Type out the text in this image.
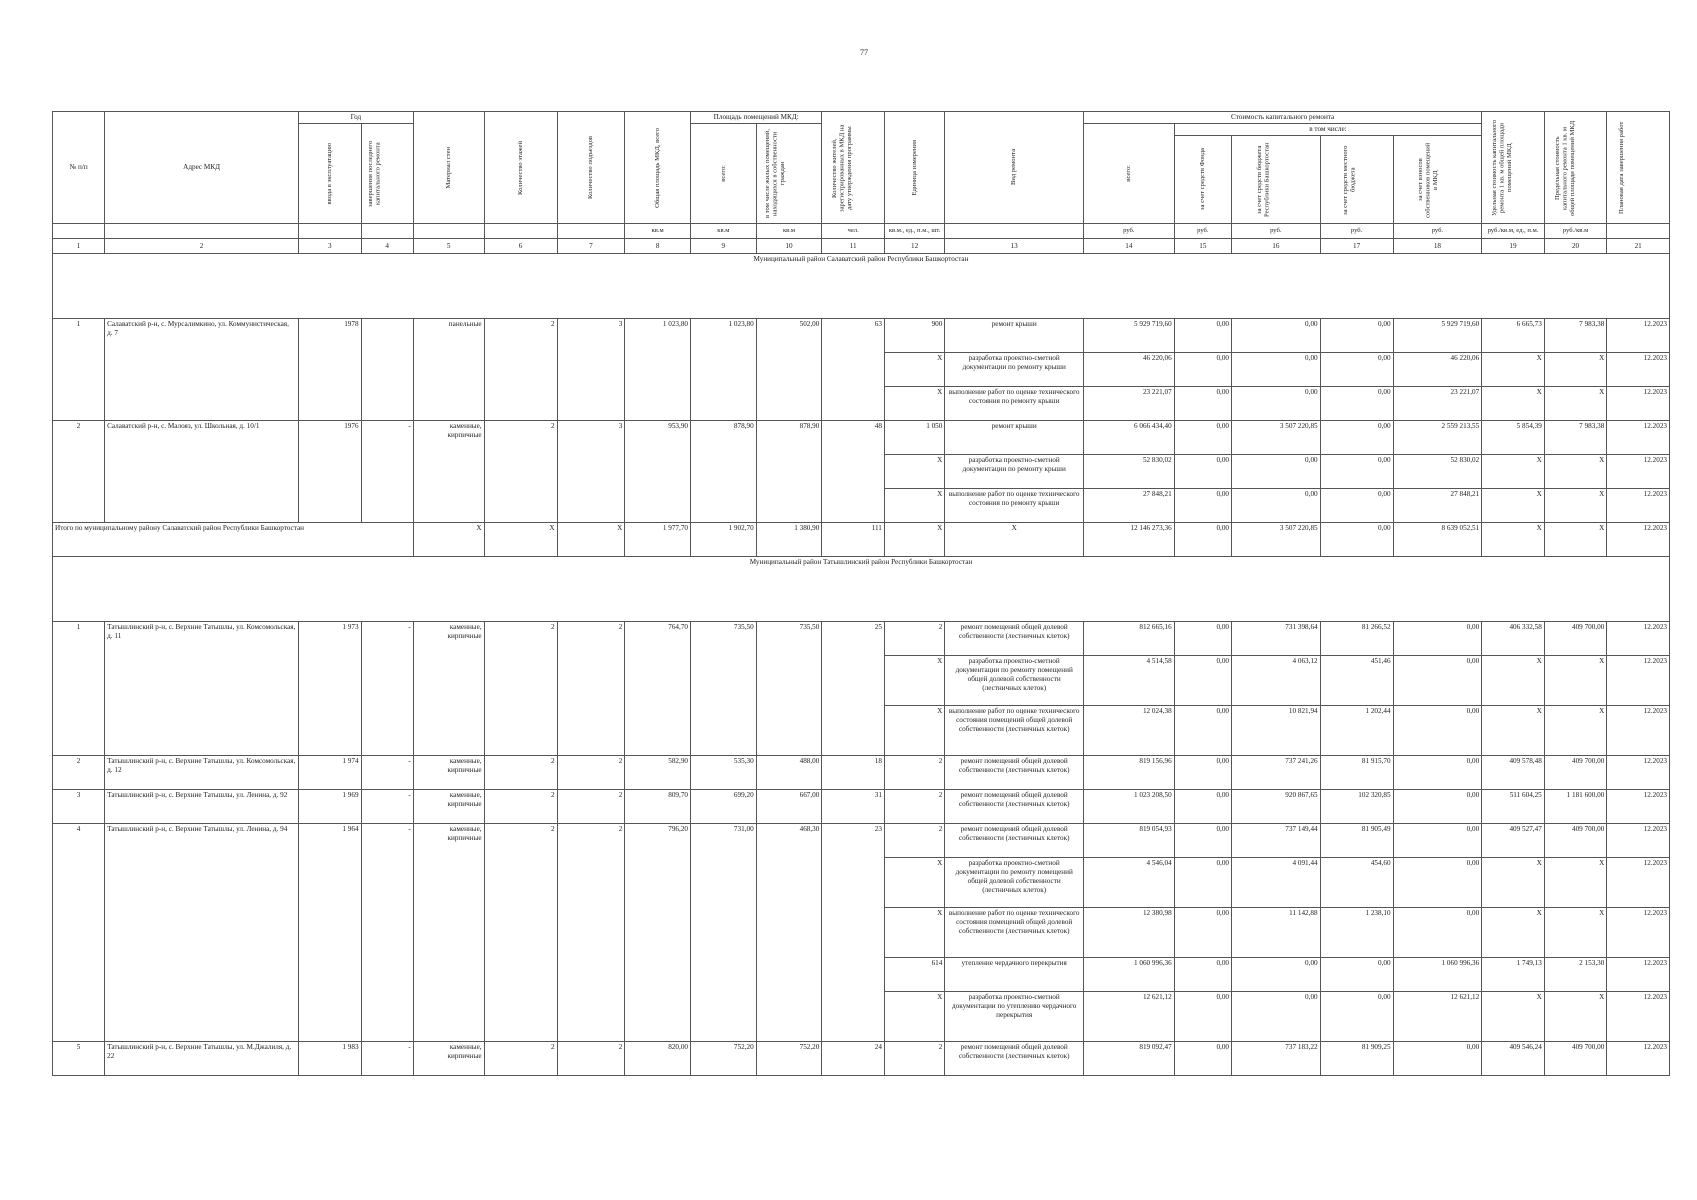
77
№ п/п	Адрес МКД	Год		Материал стен	Количество этажей	Количество подъездов	Общая площадь МКД, всего	Площадь помещений МКД:		Количество жителей, зарегистрированных в МКД на дату утверждения программы	Единица измерения	Вид ремонта	Стоимость капитального ремонта					Удельная стоимость капитального ремонта 1 кв. м общей площади помещений МКД	Предельная стоимость капитального ремонта 1 кв. м общей площади помещений МКД	Плановая дата завершения работ

		ввода в эксплуатацию	завершения последнего капитального ремонта					всего:	в том числе жилых помещений, находящихся в собственности граждан				всего:	в том числе:						

														за счет средств Фонда	за счет средств бюджета Республики Башкортостан	за счет средств местного бюджета	за счет взносов собственников помещений в МКД			

							кв.м	кв.м	кв.м	чел.	кв.м., ед., п.м., шт.		руб.	руб.	руб.	руб.	руб.	руб./кв.м, ед., п.м.	руб./кв.м	
1	2	3	4	5	6	7	8	9	10	11	12	13	14	15	16	17	18	19	20	21
Муниципальный район Салаватский район Республики Башкортостан																				
1	Салаватский р-н, с. Мурсалимкино, ул. Коммунистическая, д. 7	1978		панельные	2	3	1 023,80	1 023,80	502,00	63	900	ремонт крыши	5 929 719,60	0,00	0,00	0,00	5 929 719,60	6 665,73	7 983,38	12.2023
											X	разработка проектно-сметной документации по ремонту крыши	46 220,06	0,00	0,00	0,00	46 220,06	X	X	12.2023
											X	выполнение работ по оценке технического состояния по ремонту крыши	23 221,07	0,00	0,00	0,00	23 221,07	X	X	12.2023
2	Салаватский р-н, с. Малояз, ул. Школьная, д. 10/1	1976	-	каменные, кирпичные	2	3	953,90	878,90	878,90	48	1 050	ремонт крыши	6 066 434,40	0,00	3 507 220,85	0,00	2 559 213,55	5 854,39	7 983,38	12.2023
											X	разработка проектно-сметной документации по ремонту крыши	52 830,02	0,00	0,00	0,00	52 830,02	X	X	12.2023
											X	выполнение работ по оценке технического состояния по ремонту крыши	27 848,21	0,00	0,00	0,00	27 848,21	X	X	12.2023
Итого по муниципальному району Салаватский район Республики Башкортостан				X	X	X	1 977,70	1 902,70	1 380,90	111	X	X	12 146 273,36	0,00	3 507 220,85	0,00	8 639 052,51	X	X	12.2023
Муниципальный район Татышлинский район Республики Башкортостан																				
1	Татышлинский р-н, с. Верхние Татышлы, ул. Комсомольская, д. 11	1 973	-	каменные, кирпичные	2	2	764,70	735,50	735,50	25	2	ремонт помещений общей долевой собственности (лестничных клеток)	812 665,16	0,00	731 398,64	81 266,52	0,00	406 332,58	409 700,00	12.2023
											X	разработка проектно-сметной документации по ремонту помещений общей долевой собственности (лестничных клеток)	4 514,58	0,00	4 063,12	451,46	0,00	X	X	12.2023
											X	выполнение работ по оценке технического состояния помещений общей долевой собственности (лестничных клеток)	12 024,38	0,00	10 821,94	1 202,44	0,00	X	X	12.2023
2	Татышлинский р-н, с. Верхние Татышлы, ул. Комсомольская, д. 12	1 974	-	каменные, кирпичные	2	2	582,90	535,30	488,00	18	2	ремонт помещений общей долевой собственности (лестничных клеток)	819 156,96	0,00	737 241,26	81 915,70	0,00	409 578,48	409 700,00	12.2023
3	Татышлинский р-н, с. Верхние Татышлы, ул. Ленина, д. 92	1 969	-	каменные, кирпичные	2	2	809,70	699,20	667,00	31	2	ремонт помещений общей долевой собственности (лестничных клеток)	1 023 208,50	0,00	920 867,65	102 320,85	0,00	511 604,25	1 181 600,00	12.2023
4	Татышлинский р-н, с. Верхние Татышлы, ул. Ленина, д. 94	1 964	-	каменные, кирпичные	2	2	796,20	731,00	468,30	23	2	ремонт помещений общей долевой собственности (лестничных клеток)	819 054,93	0,00	737 149,44	81 905,49	0,00	409 527,47	409 700,00	12.2023
											X	разработка проектно-сметной документации по ремонту помещений общей долевой собственности (лестничных клеток)	4 546,04	0,00	4 091,44	454,60	0,00	X	X	12.2023
											X	выполнение работ по оценке технического состояния помещений общей долевой собственности (лестничных клеток)	12 380,98	0,00	11 142,88	1 238,10	0,00	X	X	12.2023
											614	утепление чердачного перекрытия	1 060 996,36	0,00	0,00	0,00	1 060 996,36	1 749,13	2 153,30	12.2023
											X	разработка проектно-сметной документации по утеплению чердачного перекрытия	12 621,12	0,00	0,00	0,00	12 621,12	X	X	12.2023
5	Татышлинский р-н, с. Верхние Татышлы, ул. М.Джалиля, д. 22	1 983	-	каменные, кирпичные	2	2	820,00	752,20	752,20	24	2	ремонт помещений общей долевой собственности (лестничных клеток)	819 092,47	0,00	737 183,22	81 909,25	0,00	409 546,24	409 700,00	12.2023
